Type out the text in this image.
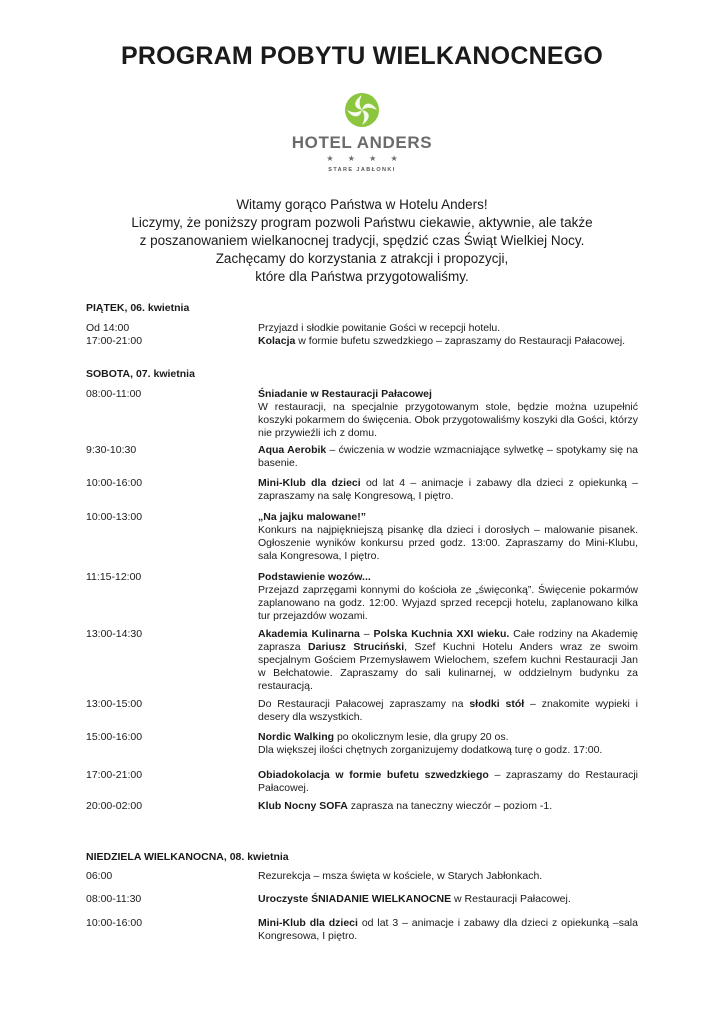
PROGRAM POBYTU WIELKANOCNEGO
HOTEL ANDERS
★ ★ ★ ★
STARE JABŁONKI
Witamy gorąco Państwa w Hotelu Anders!
Liczymy, że poniższy program pozwoli Państwu ciekawie, aktywnie, ale także
z poszanowaniem wielkanocnej tradycji, spędzić czas Świąt Wielkiej Nocy.
Zachęcamy do korzystania z atrakcji i propozycji,
które dla Państwa przygotowaliśmy.
PIĄTEK, 06. kwietnia
Od 14:00	Przyjazd i słodkie powitanie Gości w recepcji hotelu.
17:00-21:00	Kolacja w formie bufetu szwedzkiego – zapraszamy do Restauracji Pałacowej.
SOBOTA, 07. kwietnia
08:00-11:00	Śniadanie w Restauracji Pałacowej
W restauracji, na specjalnie przygotowanym stole, będzie można uzupełnić koszyki pokarmem do święcenia. Obok przygotowaliśmy koszyki dla Gości, którzy nie przywieźli ich z domu.
9:30-10:30	Aqua Aerobik – ćwiczenia w wodzie wzmacniające sylwetkę – spotykamy się na basenie.
10:00-16:00	Mini-Klub dla dzieci od lat 4 – animacje i zabawy dla dzieci z opiekunką – zapraszamy na salę Kongresową, I piętro.
10:00-13:00	„Na jajku malowane!”
Konkurs na najpiękniejszą pisankę dla dzieci i dorosłych – malowanie pisanek. Ogłoszenie wyników konkursu przed godz. 13:00. Zapraszamy do Mini-Klubu, sala Kongresowa, I piętro.
11:15-12:00	Podstawienie wozów...
Przejazd zaprzęgami konnymi do kościoła ze „święconką”. Święcenie pokarmów zaplanowano na godz. 12:00. Wyjazd sprzed recepcji hotelu, zaplanowano kilka tur przejazdów wozami.
13:00-14:30	Akademia Kulinarna – Polska Kuchnia XXI wieku. Całe rodziny na Akademię zaprasza Dariusz Struciński, Szef Kuchni Hotelu Anders wraz ze swoim specjalnym Gościem Przemysławem Wielochem, szefem kuchni Restauracji Jan w Bełchatowie. Zapraszamy do sali kulinarnej, w oddzielnym budynku za restauracją.
13:00-15:00	Do Restauracji Pałacowej zapraszamy na słodki stół – znakomite wypieki i desery dla wszystkich.
15:00-16:00	Nordic Walking po okolicznym lesie, dla grupy 20 os.
Dla większej ilości chętnych zorganizujemy dodatkową turę o godz. 17:00.
17:00-21:00	Obiadokolacja w formie bufetu szwedzkiego – zapraszamy do Restauracji Pałacowej.
20:00-02:00	Klub Nocny SOFA zaprasza na taneczny wieczór – poziom -1.
NIEDZIELA WIELKANOCNA, 08. kwietnia
06:00	Rezurekcja – msza święta w kościele, w Starych Jabłonkach.
08:00-11:30	Uroczyste ŚNIADANIE WIELKANOCNE w Restauracji Pałacowej.
10:00-16:00	Mini-Klub dla dzieci od lat 3 – animacje i zabawy dla dzieci z opiekunką –sala Kongresowa, I piętro.
